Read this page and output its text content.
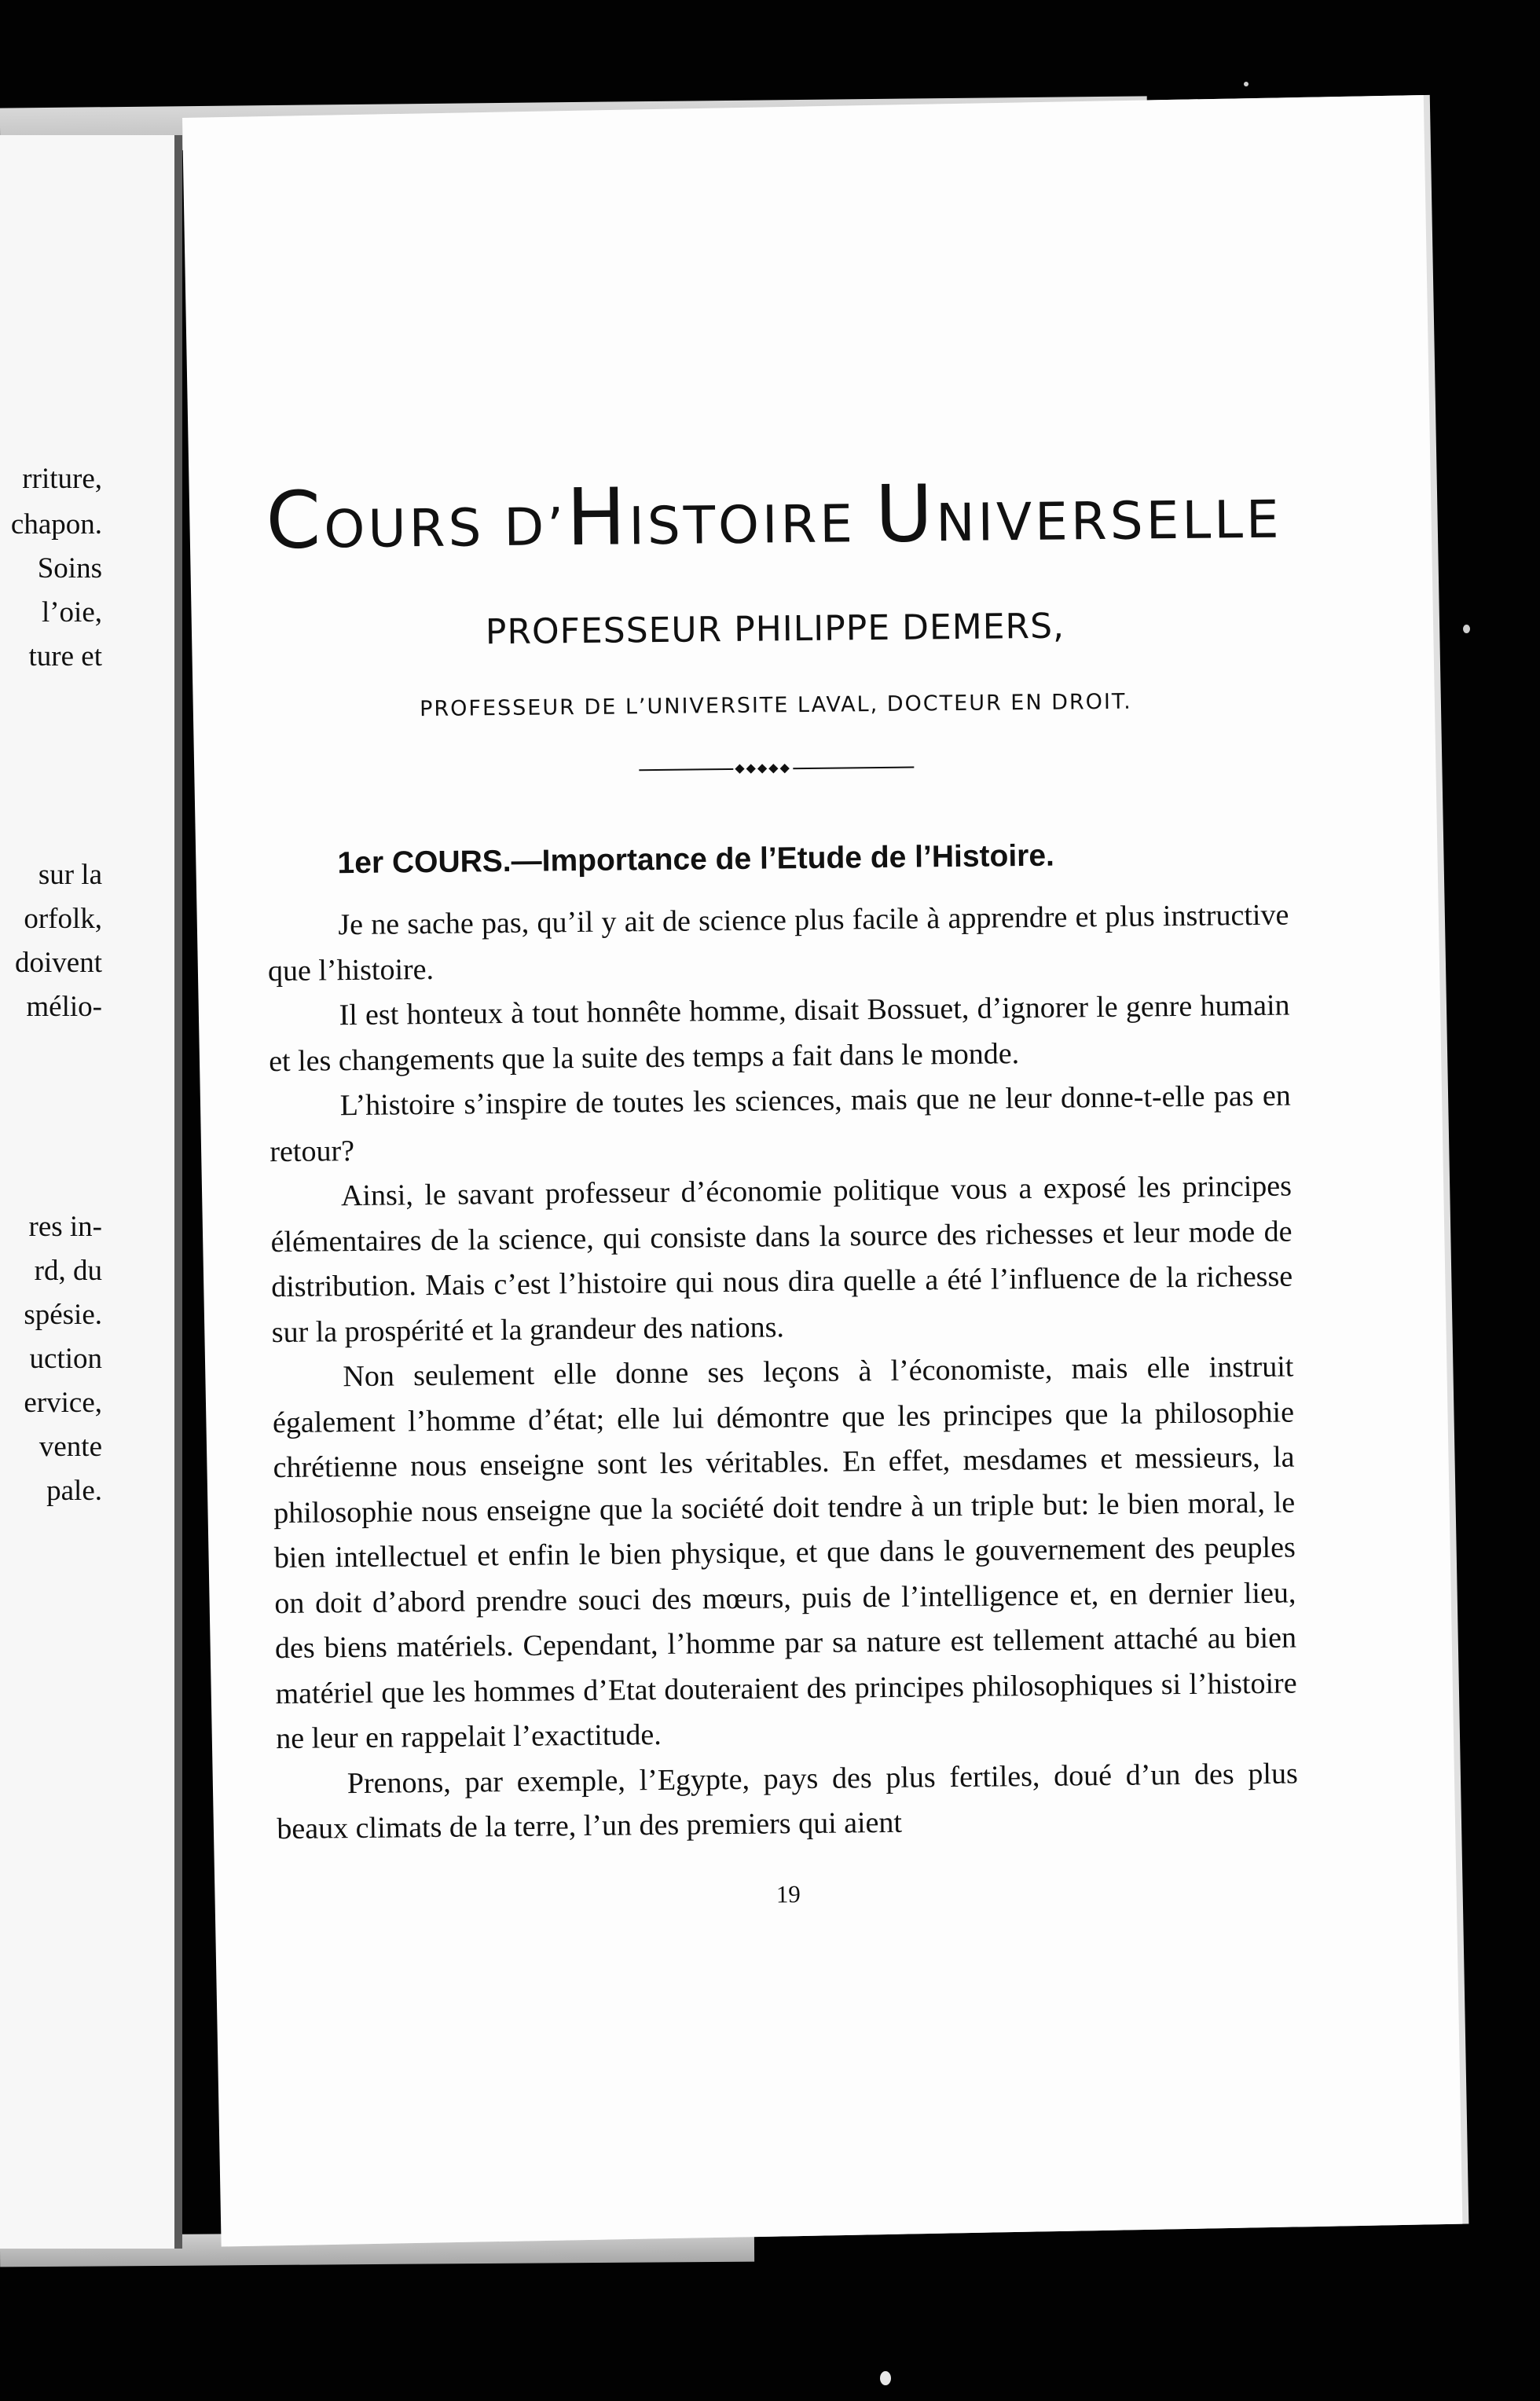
rriture,
chapon.
Soins
l’oie,
ture et
sur la
orfolk,
doivent
mélio-
res in-
rd, du
spésie.
uction
ervice,
vente
pale.
COURS D’HISTOIRE UNIVERSELLE
PROFESSEUR PHILIPPE DEMERS,
PROFESSEUR DE L’UNIVERSITE LAVAL, DOCTEUR EN DROIT.
◆◆◆◆◆
1er COURS.—Importance de l’Etude de l’Histoire.

Je ne sache pas, qu’il y ait de science plus facile à apprendre et plus instructive que l’histoire.

Il est honteux à tout honnête homme, disait Bossuet, d’ignorer le genre humain et les changements que la suite des temps a fait dans le monde.

L’histoire s’inspire de toutes les sciences, mais que ne leur donne-t-elle pas en retour?

Ainsi, le savant professeur d’économie politique vous a exposé les principes élémentaires de la science, qui consiste dans la source des richesses et leur mode de distribution. Mais c’est l’histoire qui nous dira quelle a été l’influence de la richesse sur la prospérité et la grandeur des nations.

Non seulement elle donne ses leçons à l’économiste, mais elle instruit également l’homme d’état; elle lui démontre que les principes que la philosophie chrétienne nous enseigne sont les véritables. En effet, mesdames et messieurs, la philosophie nous enseigne que la société doit tendre à un triple but: le bien moral, le bien intellectuel et enfin le bien physique, et que dans le gouvernement des peuples on doit d’abord prendre souci des mœurs, puis de l’intelligence et, en dernier lieu, des biens matériels. Cependant, l’homme par sa nature est tellement attaché au bien matériel que les hommes d’Etat douteraient des principes philosophiques si l’histoire ne leur en rappelait l’exactitude.

Prenons, par exemple, l’Egypte, pays des plus fertiles, doué d’un des plus beaux climats de la terre, l’un des premiers qui aient

19
